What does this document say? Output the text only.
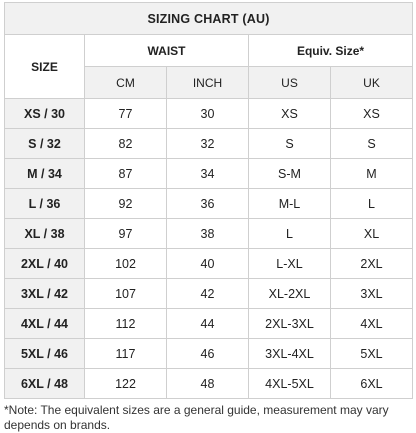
SIZING CHART (AU)				
SIZE	WAIST		Equiv. Size*	
	CM	INCH	US	UK
XS / 30	77	30	XS	XS
S / 32	82	32	S	S
M / 34	87	34	S-M	M
L / 36	92	36	M-L	L
XL / 38	97	38	L	XL
2XL / 40	102	40	L-XL	2XL
3XL / 42	107	42	XL-2XL	3XL
4XL / 44	112	44	2XL-3XL	4XL
5XL / 46	117	46	3XL-4XL	5XL
6XL / 48	122	48	4XL-5XL	6XL

*Note: The equivalent sizes are a general guide, measurement may vary depends on brands.
